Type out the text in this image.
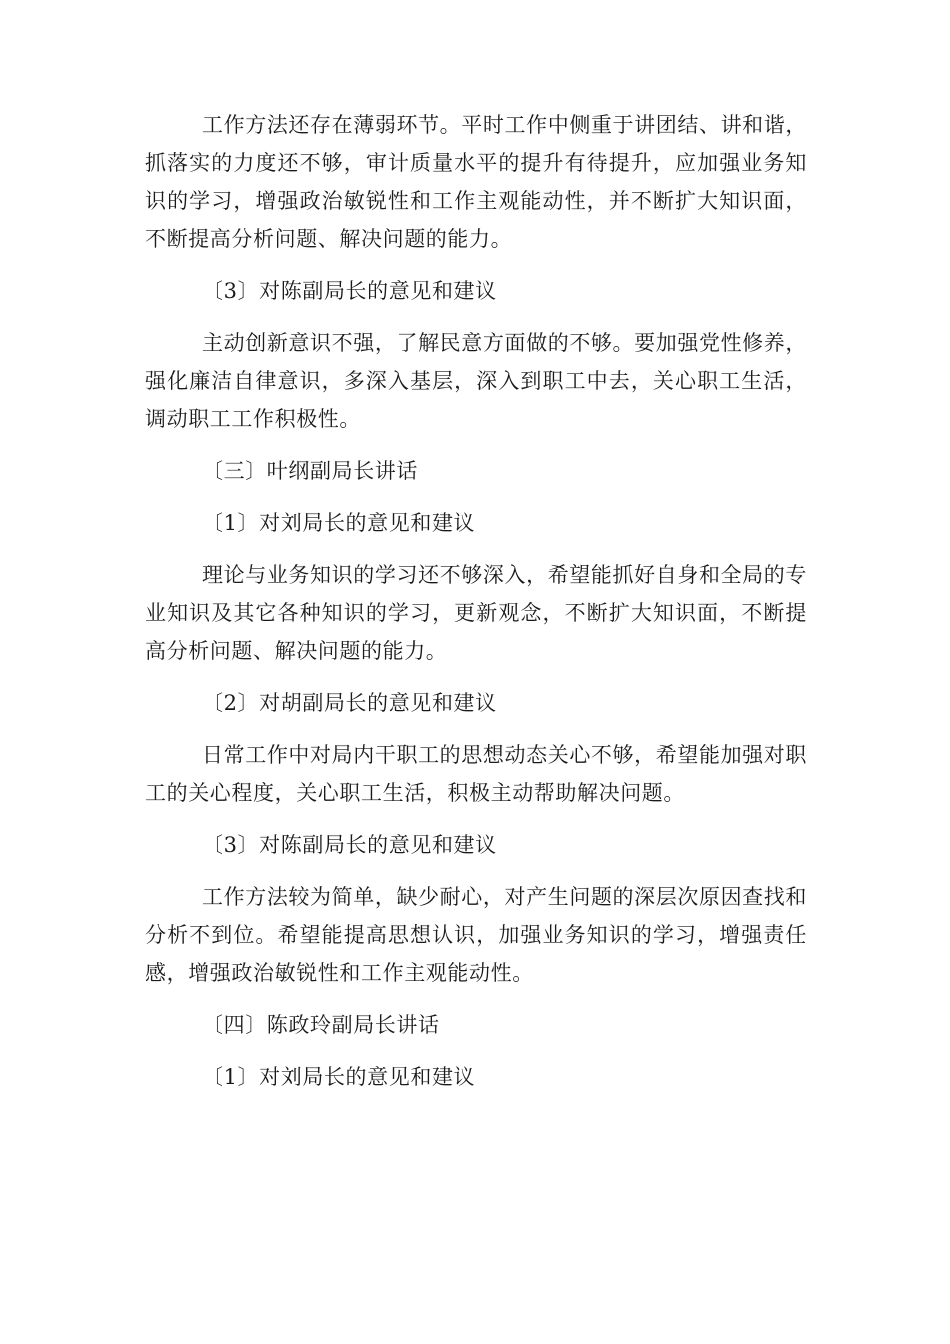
工作方法还存在薄弱环节。平时工作中侧重于讲团结、讲和谐，抓落实的力度还不够，审计质量水平的提升有待提升，应加强业务知识的学习，增强政治敏锐性和工作主观能动性，并不断扩大知识面，不断提高分析问题、解决问题的能力。

〔3〕对陈副局长的意见和建议

主动创新意识不强，了解民意方面做的不够。要加强党性修养，强化廉洁自律意识，多深入基层，深入到职工中去，关心职工生活，调动职工工作积极性。

〔三〕叶纲副局长讲话

〔1〕对刘局长的意见和建议

理论与业务知识的学习还不够深入，希望能抓好自身和全局的专业知识及其它各种知识的学习，更新观念，不断扩大知识面，不断提高分析问题、解决问题的能力。

〔2〕对胡副局长的意见和建议

日常工作中对局内干职工的思想动态关心不够，希望能加强对职工的关心程度，关心职工生活，积极主动帮助解决问题。

〔3〕对陈副局长的意见和建议

工作方法较为简单，缺少耐心，对产生问题的深层次原因查找和分析不到位。希望能提高思想认识，加强业务知识的学习，增强责任感，增强政治敏锐性和工作主观能动性。

〔四〕陈政玲副局长讲话

〔1〕对刘局长的意见和建议
